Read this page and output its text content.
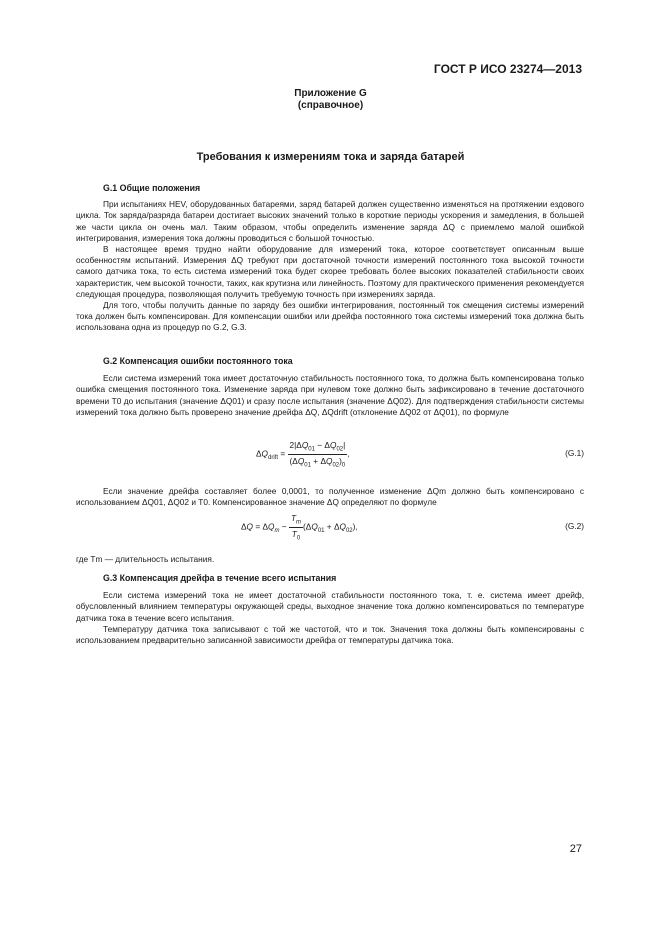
ГОСТ Р ИСО 23274—2013
Приложение G
(справочное)
Требования к измерениям тока и заряда батарей

G.1 Общие положения

При испытаниях HEV, оборудованных батареями, заряд батарей должен существенно изменяться на протяжении ездового цикла. Ток заряда/разряда батареи достигает высоких значений только в короткие периоды ускорения и замедления, в большей же части цикла он очень мал. Таким образом, чтобы определить изменение заряда ΔQ с приемлемо малой ошибкой интегрирования, измерения тока должны проводиться с большой точностью.

В настоящее время трудно найти оборудование для измерений тока, которое соответствует описанным выше особенностям испытаний. Измерения ΔQ требуют при достаточной точности измерений постоянного тока высокой точности самого датчика тока, то есть система измерений тока будет скорее требовать более высоких показателей стабильности своих характеристик, чем высокой точности, таких, как крутизна или линейность. Поэтому для практического применения рекомендуется следующая процедура, позволяющая получить требуемую точность при измерениях заряда.

Для того, чтобы получить данные по заряду без ошибки интегрирования, постоянный ток смещения системы измерений тока должен быть компенсирован. Для компенсации ошибки или дрейфа постоянного тока системы измерений тока должна быть использована одна из процедур по G.2, G.3.

G.2 Компенсация ошибки постоянного тока

Если система измерений тока имеет достаточную стабильность постоянного тока, то должна быть компенсирована только ошибка смещения постоянного тока. Изменение заряда при нулевом токе должно быть зафиксировано в течение достаточного времени T0 до испытания (значение ΔQ01) и сразу после испытания (значение ΔQ02). Для подтверждения стабильности системы измерений тока должно быть проверено значение дрейфа ΔQ, ΔQdrift (отклонение ΔQ02 от ΔQ01), по формуле

$\Delta Q_{drift} = \frac{2|\Delta Q_{01} - \Delta Q_{02}|}{(\Delta Q_{01} + \Delta Q_{02})_0}$ ,	(G.1)

Если значение дрейфа составляет более 0,0001, то полученное изменение ΔQm должно быть компенсировано с использованием ΔQ01, ΔQ02 и T0. Компенсированное значение ΔQ определяют по формуле

$\Delta Q = \Delta Q_m - \frac{T_m}{T_0} (\Delta Q_{01} + \Delta Q_{02})$,	(G.2)

где Tm — длительность испытания.

G.3 Компенсация дрейфа в течение всего испытания

Если система измерений тока не имеет достаточной стабильности постоянного тока, т. е. система имеет дрейф, обусловленный влиянием температуры окружающей среды, выходное значение тока должно компенсироваться по температуре датчика тока в течение всего испытания.

Температуру датчика тока записывают с той же частотой, что и ток. Значения тока должны быть компенсированы с использованием предварительно записанной зависимости дрейфа от температуры датчика тока.

27
